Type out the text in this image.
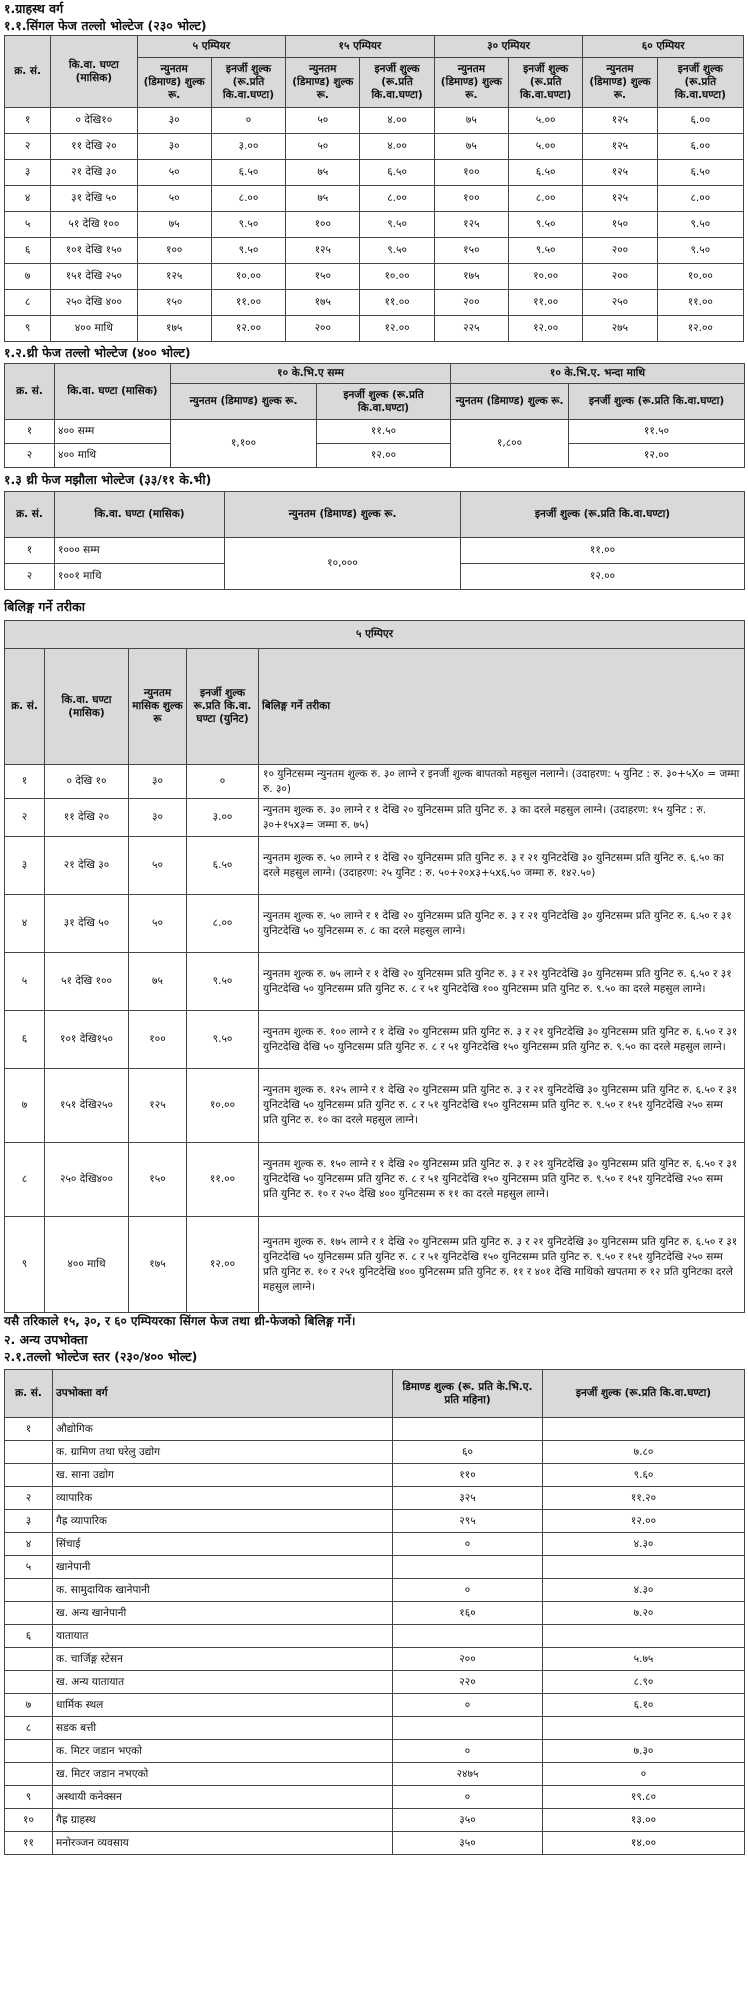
१.ग्राहस्थ वर्ग
१.१.सिंगल फेज तल्लो भोल्टेज (२३० भोल्ट)
क्र. सं.	कि.वा. घण्टा (मासिक)	५ एम्पियर		१५ एम्पियर		३० एम्पियर		६० एम्पियर	
		न्युनतम (डिमाण्ड) शुल्क रू.	इनर्जी शुल्क (रू.प्रति कि.वा.घण्टा)	न्युनतम (डिमाण्ड) शुल्क रू.	इनर्जी शुल्क (रू.प्रति कि.वा.घण्टा)	न्युनतम (डिमाण्ड) शुल्क रू.	इनर्जी शुल्क (रू.प्रति कि.वा.घण्टा)	न्युनतम (डिमाण्ड) शुल्क रू.	इनर्जी शुल्क (रू.प्रति कि.वा.घण्टा)
१	० देखि१०	३०	०	५०	४.००	७५	५.००	१२५	६.००
२	११ देखि २०	३०	३.००	५०	४.००	७५	५.००	१२५	६.००
३	२१ देखि ३०	५०	६.५०	७५	६.५०	१००	६.५०	१२५	६.५०
४	३१ देखि ५०	५०	८.००	७५	८.००	१००	८.००	१२५	८.००
५	५१ देखि १००	७५	९.५०	१००	९.५०	१२५	९.५०	१५०	९.५०
६	१०१ देखि १५०	१००	९.५०	१२५	९.५०	१५०	९.५०	२००	९.५०
७	१५१ देखि २५०	१२५	१०.००	१५०	१०.००	१७५	१०.००	२००	१०.००
८	२५० देखि ४००	१५०	११.००	१७५	११.००	२००	११.००	२५०	११.००
९	४०० माथि	१७५	१२.००	२००	१२.००	२२५	१२.००	२७५	१२.००
१.२.थ्री फेज तल्लो भोल्टेज (४०० भोल्ट)
क्र. सं.	कि.वा. घण्टा (मासिक)	१० के.भि.ए सम्म		१० के.भि.ए. भन्दा माथि	
		न्युनतम (डिमाण्ड) शुल्क रू.	इनर्जी शुल्क (रू.प्रति कि.वा.घण्टा)	न्युनतम (डिमाण्ड) शुल्क रू.	इनर्जी शुल्क (रू.प्रति कि.वा.घण्टा)
१	४०० सम्म	१,१००	११.५०	१,८००	११.५०
२	४०० माथि		१२.००		१२.००
१.३ थ्री फेज मझौला भोल्टेज (३३/११ के.भी)
क्र. सं.	कि.वा. घण्टा (मासिक)	न्युनतम (डिमाण्ड) शुल्क रू.	इनर्जी शुल्क (रू.प्रति कि.वा.घण्टा)
१	१००० सम्म	१०,०००	११.००
२	१००१ माथि		१२.००
बिलिङ्ग गर्ने तरीका
५ एम्पिएर				
क्र. सं.	कि.वा. घण्टा (मासिक)	न्युनतम मासिक शुल्क रू	इनर्जी शुल्क रू.प्रति कि.वा. घण्टा (युनिट)	बिलिङ्ग गर्ने तरीका
१	० देखि १०	३०	०	१० युनिटसम्म न्युनतम शुल्क रु. ३० लाग्ने र इनर्जी शुल्क बापतको महसुल नलाग्ने। (उदाहरण: ५ युनिट : रु. ३०+५X० = जम्मा रु. ३०)
२	११ देखि २०	३०	३.००	न्युनतम शुल्क रु. ३० लाग्ने र १ देखि २० युनिटसम्म प्रति युनिट रु. ३ का दरले महसुल लाग्ने। (उदाहरण: १५ युनिट : रु. ३०+१५x३= जम्मा रु. ७५)
३	२१ देखि ३०	५०	६.५०	न्युनतम शुल्क रु. ५० लाग्ने र १ देखि २० युनिटसम्म प्रति युनिट रु. ३ र २१ युनिटदेखि ३० युनिटसम्म प्रति युनिट रु. ६.५० का दरले महसुल लाग्ने। (उदाहरण: २५ युनिट : रु. ५०+२०x३+५x६.५० जम्मा रु. १४२.५०)
४	३१ देखि ५०	५०	८.००	न्युनतम शुल्क रु. ५० लाग्ने र १ देखि २० युनिटसम्म प्रति युनिट रु. ३ र २१ युनिटदेखि ३० युनिटसम्म प्रति युनिट रु. ६.५० र ३१ युनिटदेखि ५० युनिटसम्म रु. ८ का दरले महसुल लाग्ने।
५	५१ देखि १००	७५	९.५०	न्युनतम शुल्क रु. ७५ लाग्ने र १ देखि २० युनिटसम्म प्रति युनिट रु. ३ र २१ युनिटदेखि ३० युनिटसम्म प्रति युनिट रु. ६.५० र ३१ युनिटदेखि ५० युनिटसम्म प्रति युनिट रु. ८ र ५१ युनिटदेखि १०० युनिटसम्म प्रति युनिट रु. ९.५० का दरले महसुल लाग्ने।
६	१०१ देखि१५०	१००	९.५०	न्युनतम शुल्क रु. १०० लाग्ने र १ देखि २० युनिटसम्म प्रति युनिट रु. ३ र २१ युनिटदेखि ३० युनिटसम्म प्रति युनिट रु. ६.५० र ३१ युनिटदेखि देखि ५० युनिटसम्म प्रति युनिट रु. ८ र ५१ युनिटदेखि १५० युनिटसम्म प्रति युनिट रु. ९.५० का दरले महसुल लाग्ने।
७	१५१ देखि२५०	१२५	१०.००	न्युनतम शुल्क रु. १२५ लाग्ने र १ देखि २० युनिटसम्म प्रति युनिट रु. ३ र २१ युनिटदेखि ३० युनिटसम्म प्रति युनिट रु. ६.५० र ३१ युनिटदेखि ५० युनिटसम्म प्रति युनिट रु. ८ र ५१ युनिटदेखि १५० युनिटसम्म प्रति युनिट रु. ९.५० र १५१ युनिटदेखि २५० सम्म प्रति युनिट रु. १० का दरले महसुल लाग्ने।
८	२५० देखि४००	१५०	११.००	न्युनतम शुल्क रु. १५० लाग्ने र १ देखि २० युनिटसम्म प्रति युनिट रु. ३ र २१ युनिटदेखि ३० युनिटसम्म प्रति युनिट रु. ६.५० र ३१ युनिटदेखि ५० युनिटसम्म प्रति युनिट रु. ८ र ५१ युनिटदेखि १५० युनिटसम्म प्रति युनिट रु. ९.५० र १५१ युनिटदेखि २५० सम्म प्रति युनिट रु. १० र २५० देखि ४०० युनिटसम्म रु ११ का दरले महसुल लाग्ने।
९	४०० माथि	१७५	१२.००	न्युनतम शुल्क रु. १७५ लाग्ने र १ देखि २० युनिटसम्म प्रति युनिट रु. ३ र २१ युनिटदेखि ३० युनिटसम्म प्रति युनिट रु. ६.५० र ३१ युनिटदेखि ५० युनिटसम्म प्रति युनिट रु. ८ र ५१ युनिटदेखि १५० युनिटसम्म प्रति युनिट रु. ९.५० र १५१ युनिटदेखि २५० सम्म प्रति युनिट रु. १० र २५१ युनिटदेखि ४०० युनिटसम्म प्रति युनिट रु. ११ र ४०१ देखि माथिको खपतमा रु १२ प्रति युनिटका दरले महसुल लाग्ने।
यसै तरिकाले १५, ३०, र ६० एम्पियरका सिंगल फेज तथा थ्री-फेजको बिलिङ्ग गर्ने।
२. अन्य उपभोक्ता
२.१.तल्लो भोल्टेज स्तर (२३०/४०० भोल्ट)
क्र. सं.	उपभोक्ता वर्ग	डिमाण्ड शुल्क (रू. प्रति के.भि.ए. प्रति महिना)	इनर्जी शुल्क (रू.प्रति कि.वा.घण्टा)
१	औद्योगिक		
	क. ग्रामिण तथा घरेलु उद्योग	६०	७.८०
	ख. साना उद्योग	११०	९.६०
२	व्यापारिक	३२५	११.२०
३	गैह्र व्यापारिक	२९५	१२.००
४	सिंचाई	०	४.३०
५	खानेपानी		
	क. सामुदायिक खानेपानी	०	४.३०
	ख. अन्य खानेपानी	१६०	७.२०
६	यातायात		
	क. चार्जिङ्ग स्टेसन	२००	५.७५
	ख. अन्य यातायात	२२०	८.९०
७	धार्मिक स्थल	०	६.१०
८	सडक बत्ती		
	क. मिटर जडान भएको	०	७.३०
	ख. मिटर जडान नभएको	२४७५	०
९	अस्थायी कनेक्सन	०	१९.८०
१०	गैह्र ग्राहस्थ	३५०	१३.००
११	मनोरञ्जन व्यवसाय	३५०	१४.००
